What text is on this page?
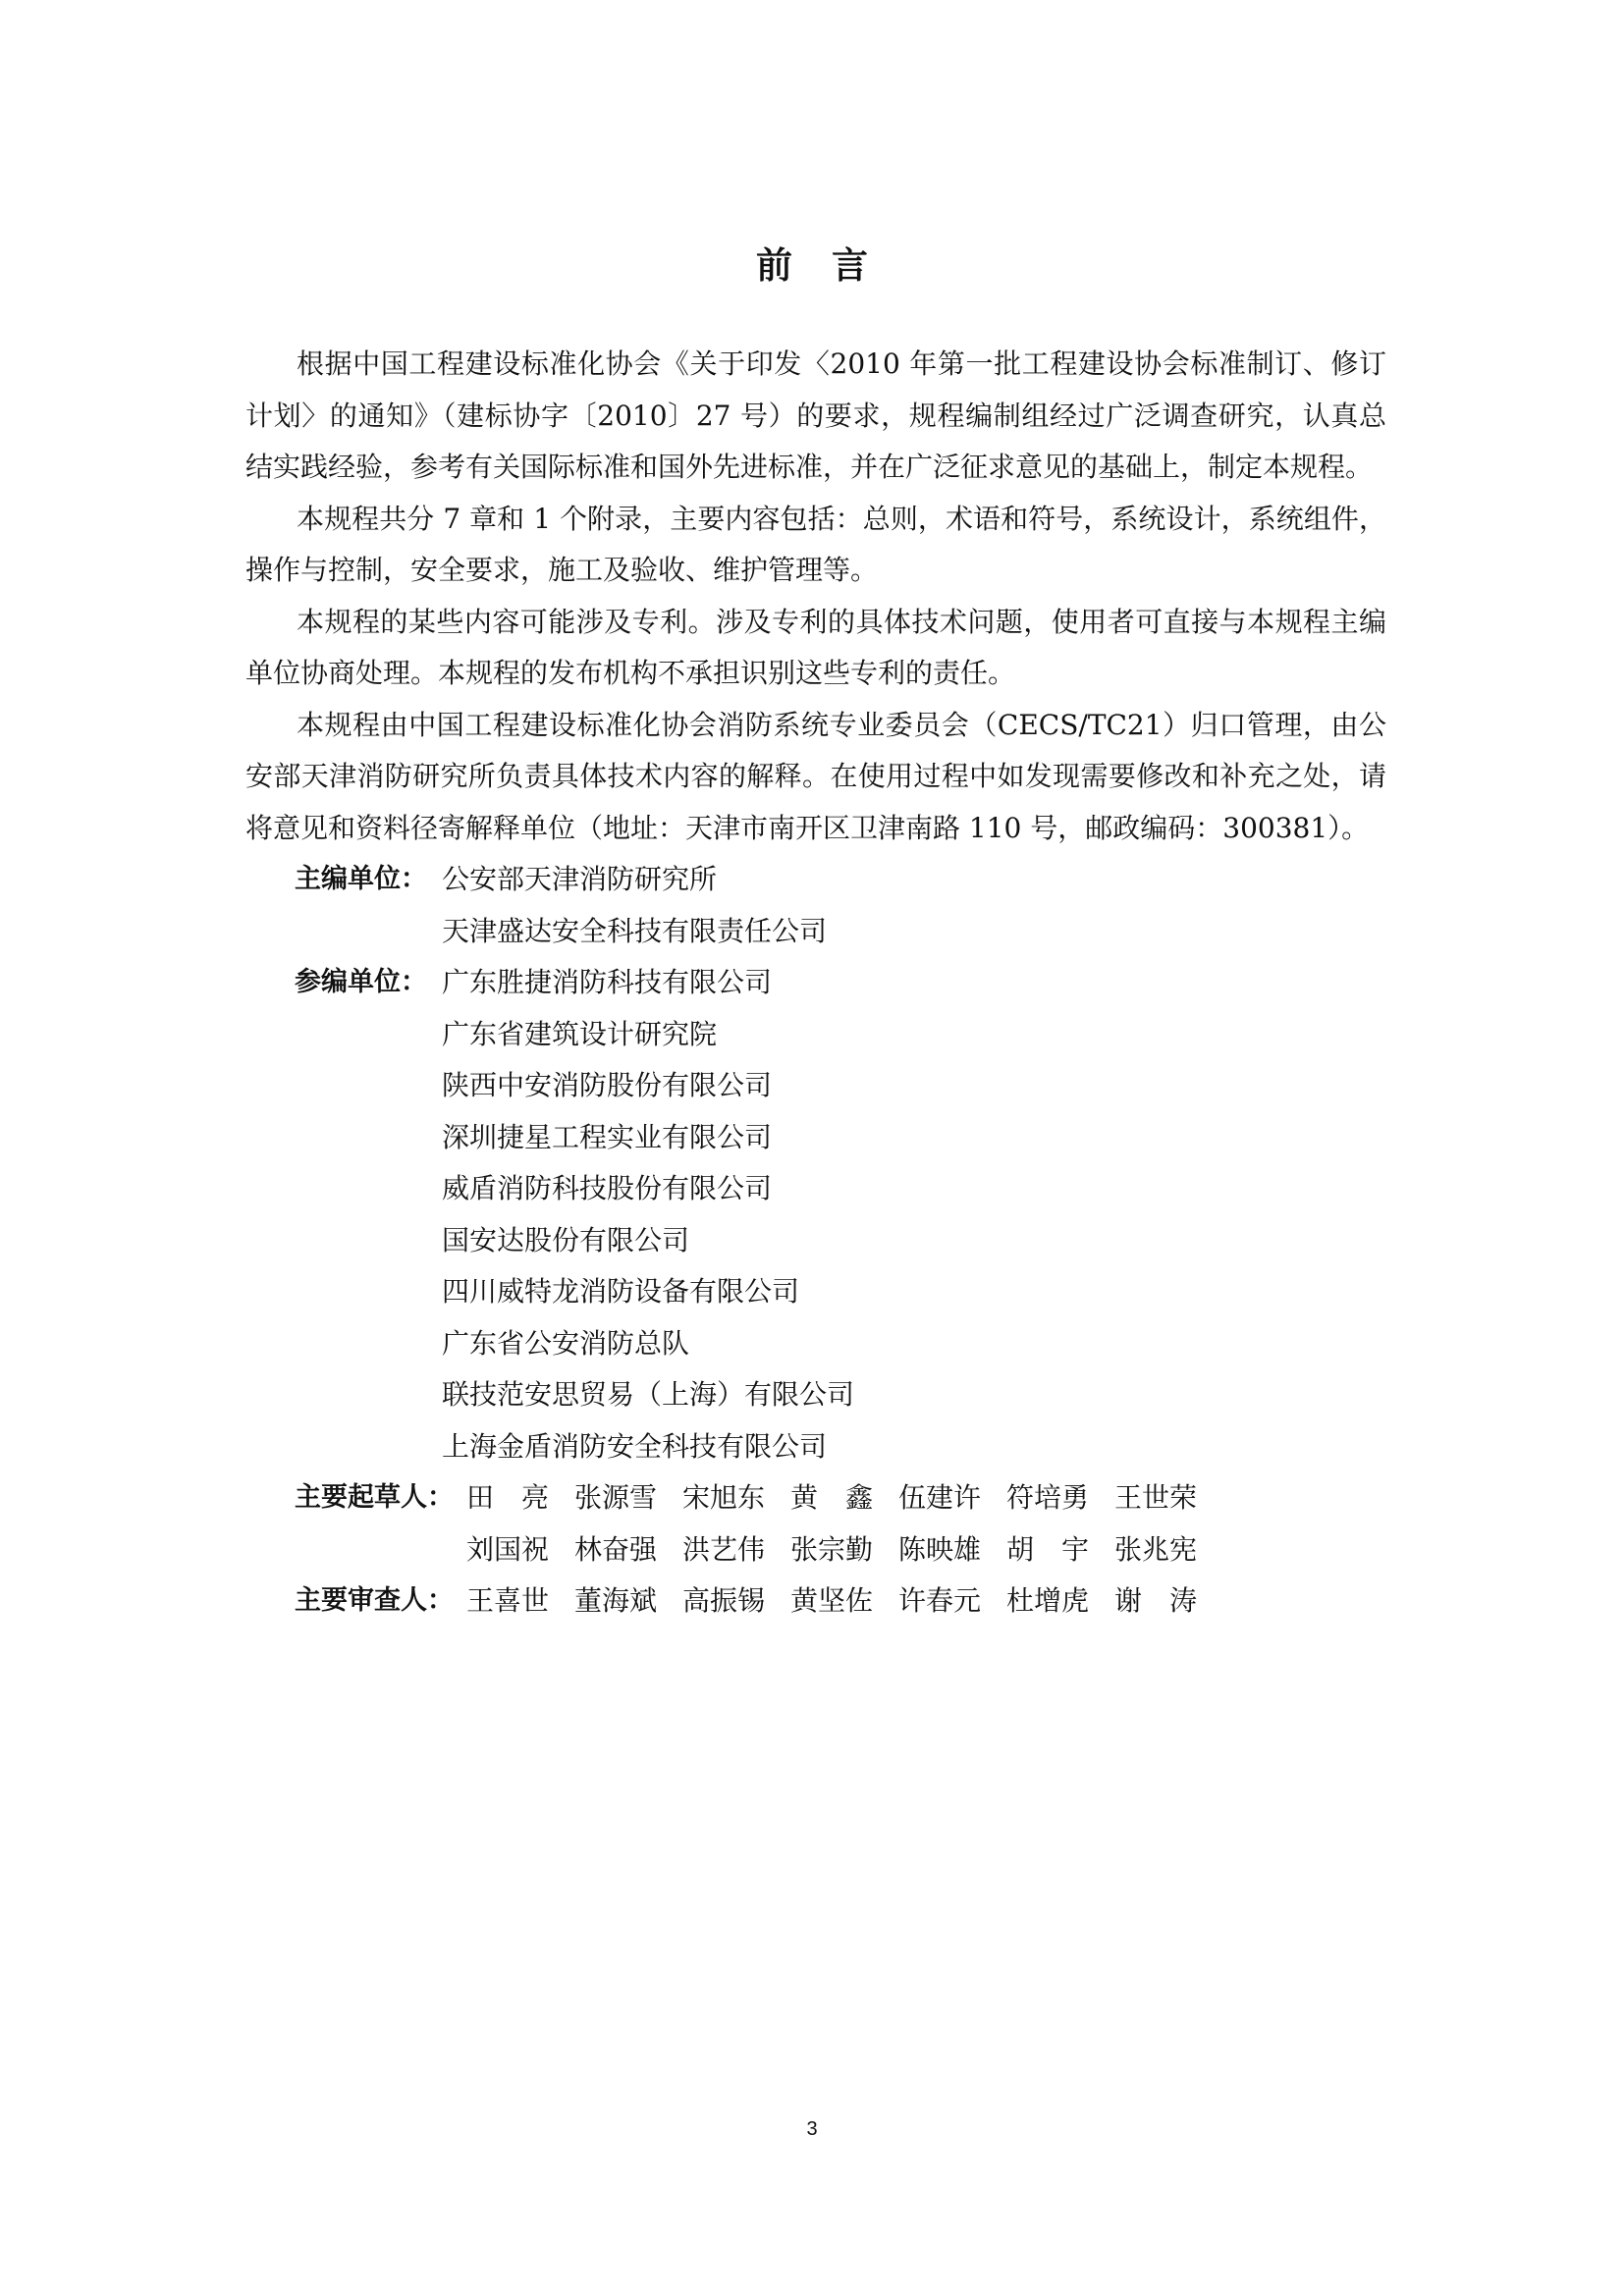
前 言

根据中国工程建设标准化协会《关于印发〈2010 年第一批工程建设协会标准制订、修订计划〉的通知》（建标协字〔2010〕27 号）的要求，规程编制组经过广泛调查研究，认真总结实践经验，参考有关国际标准和国外先进标准，并在广泛征求意见的基础上，制定本规程。

本规程共分 7 章和 1 个附录，主要内容包括：总则，术语和符号，系统设计，系统组件，操作与控制，安全要求，施工及验收、维护管理等。

本规程的某些内容可能涉及专利。涉及专利的具体技术问题，使用者可直接与本规程主编单位协商处理。本规程的发布机构不承担识别这些专利的责任。

本规程由中国工程建设标准化协会消防系统专业委员会（CECS/TC21）归口管理，由公安部天津消防研究所负责具体技术内容的解释。在使用过程中如发现需要修改和补充之处，请将意见和资料径寄解释单位（地址：天津市南开区卫津南路 110 号，邮政编码：300381）。

主编单位： 公安部天津消防研究所
天津盛达安全科技有限责任公司
参编单位： 广东胜捷消防科技有限公司
广东省建筑设计研究院
陕西中安消防股份有限公司
深圳捷星工程实业有限公司
威盾消防科技股份有限公司
国安达股份有限公司
四川威特龙消防设备有限公司
广东省公安消防总队
联技范安思贸易（上海）有限公司
上海金盾消防安全科技有限公司
主要起草人： 田　亮 张源雪 宋旭东 黄　鑫 伍建许 符培勇 王世荣
刘国祝 林奋强 洪艺伟 张宗勤 陈映雄 胡　宇 张兆宪
主要审查人： 王喜世 董海斌 高振锡 黄坚佐 许春元 杜增虎 谢　涛
3
